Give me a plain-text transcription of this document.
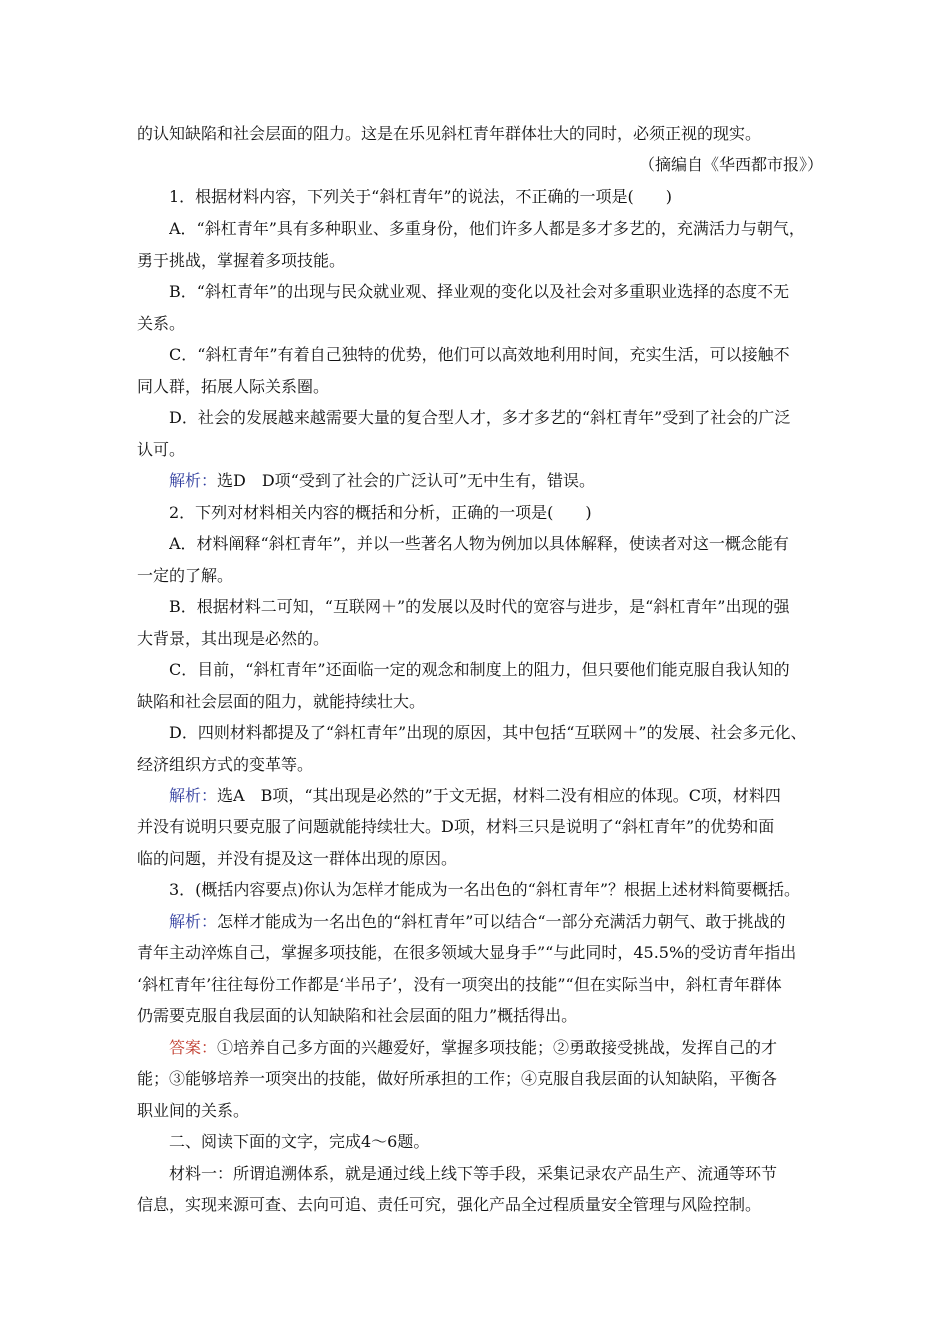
的认知缺陷和社会层面的阻力。这是在乐见斜杠青年群体壮大的同时，必须正视的现实。
（摘编自《华西都市报》）
1．根据材料内容，下列关于“斜杠青年”的说法，不正确的一项是(　　)
A．“斜杠青年”具有多种职业、多重身份，他们许多人都是多才多艺的，充满活力与朝气，
勇于挑战，掌握着多项技能。
B．“斜杠青年”的出现与民众就业观、择业观的变化以及社会对多重职业选择的态度不无
关系。
C．“斜杠青年”有着自己独特的优势，他们可以高效地利用时间，充实生活，可以接触不
同人群，拓展人际关系圈。
D．社会的发展越来越需要大量的复合型人才，多才多艺的“斜杠青年”受到了社会的广泛
认可。
解析：选D　D项“受到了社会的广泛认可”无中生有，错误。
2．下列对材料相关内容的概括和分析，正确的一项是(　　)
A．材料阐释“斜杠青年”，并以一些著名人物为例加以具体解释，使读者对这一概念能有
一定的了解。
B．根据材料二可知，“互联网＋”的发展以及时代的宽容与进步，是“斜杠青年”出现的强
大背景，其出现是必然的。
C．目前，“斜杠青年”还面临一定的观念和制度上的阻力，但只要他们能克服自我认知的
缺陷和社会层面的阻力，就能持续壮大。
D．四则材料都提及了“斜杠青年”出现的原因，其中包括“互联网＋”的发展、社会多元化、
经济组织方式的变革等。
解析：选A　B项，“其出现是必然的”于文无据，材料二没有相应的体现。C项，材料四
并没有说明只要克服了问题就能持续壮大。D项，材料三只是说明了“斜杠青年”的优势和面
临的问题，并没有提及这一群体出现的原因。
3．(概括内容要点)你认为怎样才能成为一名出色的“斜杠青年”？根据上述材料简要概括。
解析：怎样才能成为一名出色的“斜杠青年”可以结合“一部分充满活力朝气、敢于挑战的
青年主动淬炼自己，掌握多项技能，在很多领域大显身手”“与此同时，45.5%的受访青年指出
‘斜杠青年’往往每份工作都是‘半吊子’，没有一项突出的技能”“但在实际当中，斜杠青年群体
仍需要克服自我层面的认知缺陷和社会层面的阻力”概括得出。
答案：①培养自己多方面的兴趣爱好，掌握多项技能；②勇敢接受挑战，发挥自己的才
能；③能够培养一项突出的技能，做好所承担的工作；④克服自我层面的认知缺陷，平衡各
职业间的关系。
二、阅读下面的文字，完成4～6题。
材料一：所谓追溯体系，就是通过线上线下等手段，采集记录农产品生产、流通等环节
信息，实现来源可查、去向可追、责任可究，强化产品全过程质量安全管理与风险控制。
